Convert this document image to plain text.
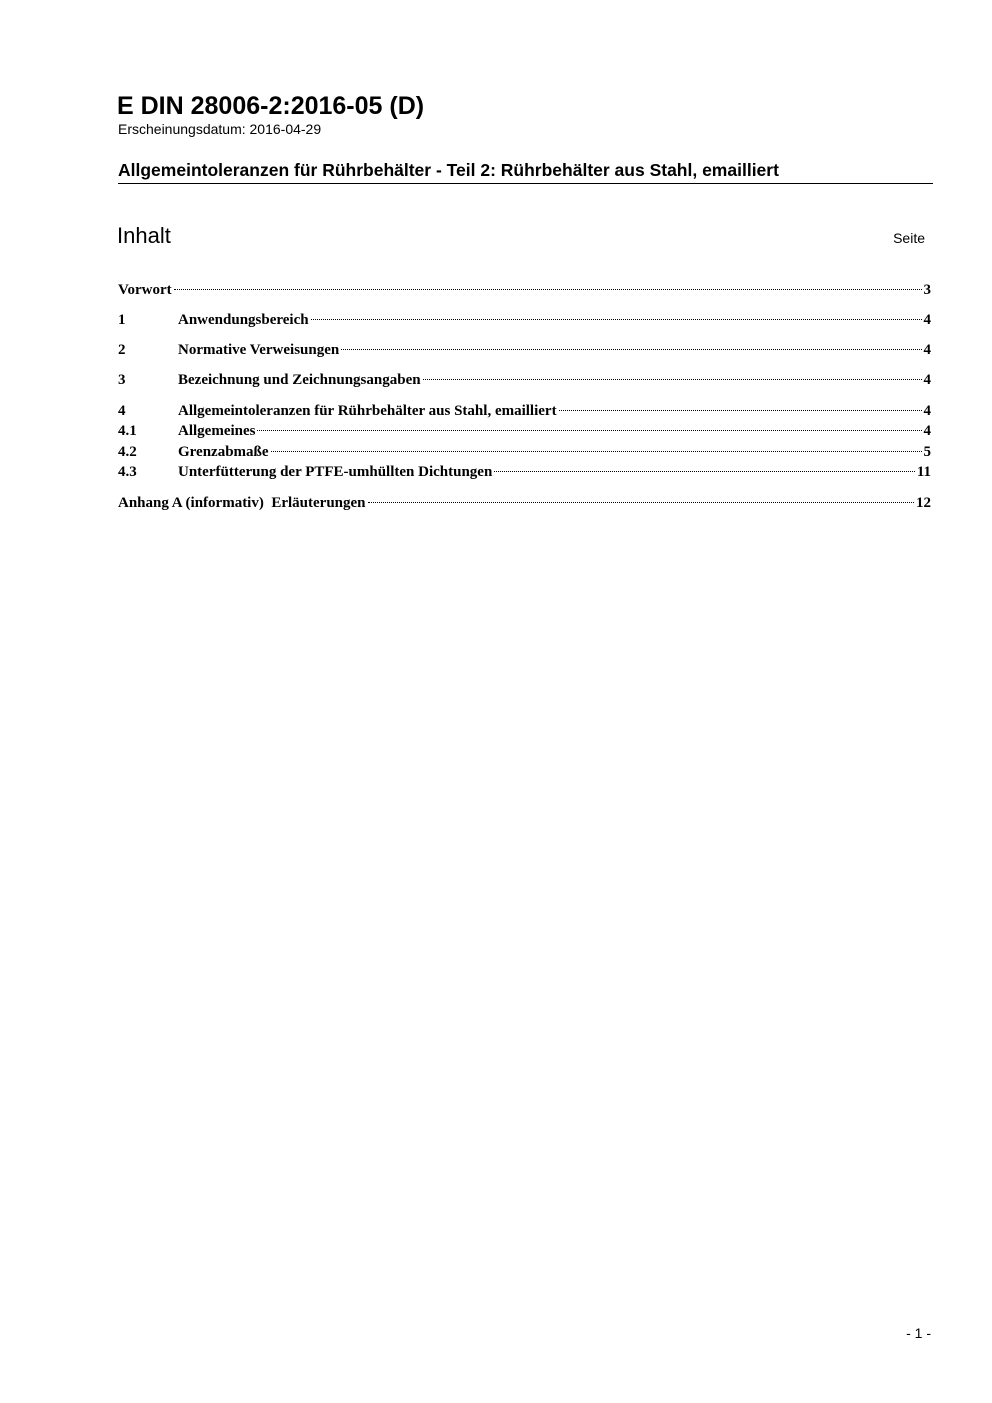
E DIN 28006-2:2016-05 (D)
Erscheinungsdatum: 2016-04-29
Allgemeintoleranzen für Rührbehälter - Teil 2: Rührbehälter aus Stahl, emailliert
Inhalt	Seite
Vorwort	3
1	Anwendungsbereich	4
2	Normative Verweisungen	4
3	Bezeichnung und Zeichnungsangaben	4
4	Allgemeintoleranzen für Rührbehälter aus Stahl, emailliert	4
4.1	Allgemeines	4
4.2	Grenzabmaße	5
4.3	Unterfütterung der PTFE-umhüllten Dichtungen	11
Anhang A (informativ)  Erläuterungen	12
- 1 -
